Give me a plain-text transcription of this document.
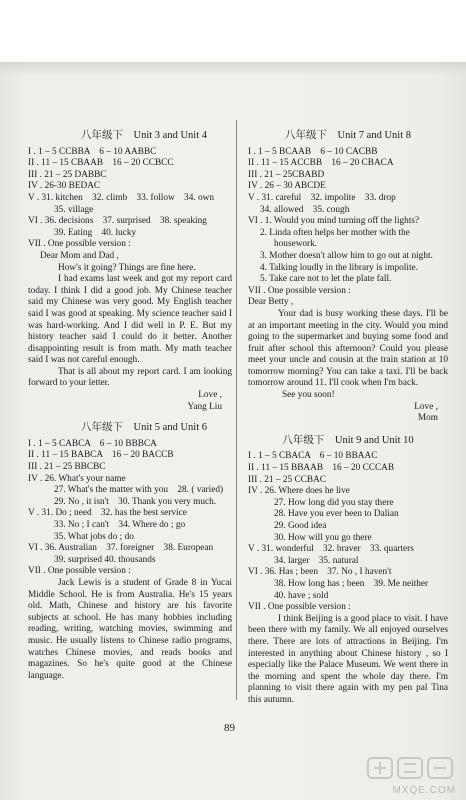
八年级下　Unit 3 and Unit 4
I . 1 – 5 CCBBA　6 – 10 AABBC
II . 11 – 15 CBAAB　16 – 20 CCBCC
III . 21 – 25 DABBC
IV . 26-30 BEDAC
V . 31. kitchen　32. climb　33. follow　34. own
35. village
VI . 36. decisions　37. surprised　38. speaking
39. Eating　40. lucky
VII . One possible version :
Dear Mom and Dad ,
How's it going? Things are fine here.
I had exams last week and got my report card today. I think I did a good job. My Chinese teacher said my Chinese was very good. My English teacher said I was good at speaking. My science teacher said I was hard-working. And I did well in P. E. But my history teacher said I could do it better. Another disappointing result is from math. My math teacher said I was not careful enough.
That is all about my report card. I am looking forward to your letter.
Love ,
Yang Liu
八年级下　Unit 5 and Unit 6
I . 1 – 5 CABCA　6 – 10 BBBCA
II . 11 – 15 BABCA　16 – 20 BACCB
III . 21 – 25 BBCBC
IV . 26. What's your name
27. What's the matter with you　28. ( varied)
29. No , it isn't　30. Thank you very much.
V . 31. Do ; need　32. has the best service
33. No ; I can't　34. Where do ; go
35. What jobs do ; do
VI . 36. Australian　37. foreigner　38. European
39. surprised 40. thousands
VII . One possible version :
Jack Lewis is a student of Grade 8 in Yucai Middle School. He is from Australia. He's 15 years old. Math, Chinese and history are his favorite subjects at school. He has many hobbies including reading, writing, watching movies, swimming and music. He usually listens to Chinese radio programs, watches Chinese movies, and reads books and magazines. So he's quite good at the Chinese language.
八年级下　Unit 7 and Unit 8
I . 1 – 5 BCAAB　6 – 10 CACBB
II . 11 – 15 ACCBB　16 – 20 CBACA
III . 21 – 25CBABD
IV . 26 – 30 ABCDE
V . 31. careful　32. impolite　33. drop
34. allowed　35. cough
VI . 1. Would you mind turning off the lights?
2. Linda often helps her mother with the
housework.
3. Mother doesn't allow him to go out at night.
4. Talking loudly in the library is impolite.
5. Take care not to let the plate fall.
VII . One possible version :
Dear Betty ,
Your dad is busy working these days. I'll be at an important meeting in the city. Would you mind going to the supermarket and buying some food and fruit after school this afternoon? Could you please meet your uncle and cousin at the train station at 10 tomorrow morning? You can take a taxi. I'll be back tomorrow around 11. I'll cook when I'm back.
See you soon!
Love ,
Mom
八年级下　Unit 9 and Unit 10
I . 1 – 5 CBACA　6 – 10 BBAAC
II . 11 – 15 BBAAB　16 – 20 CCCAB
III . 21 – 25 CCBAC
IV . 26. Where does he live
27. How long did you stay there
28. Have you ever been to Dalian
29. Good idea
30. How will you go there
V . 31. wonderful　32. braver　33. quarters
34. larger　35. natural
VI . 36. Has ; been　37. No , I haven't
38. How long has ; been　39. Me neither
40. have ; sold
VII . One possible version :
I think Beijing is a good place to visit. I have been there with my family. We all enjoyed ourselves there. There are lots of attractions in Beijing. I'm interested in anything about Chinese history , so I especially like the Palace Museum. We went there in the morning and spent the whole day there. I'm planning to visit there again with my pen pal Tina this autumn.
89
MXQE.COM
